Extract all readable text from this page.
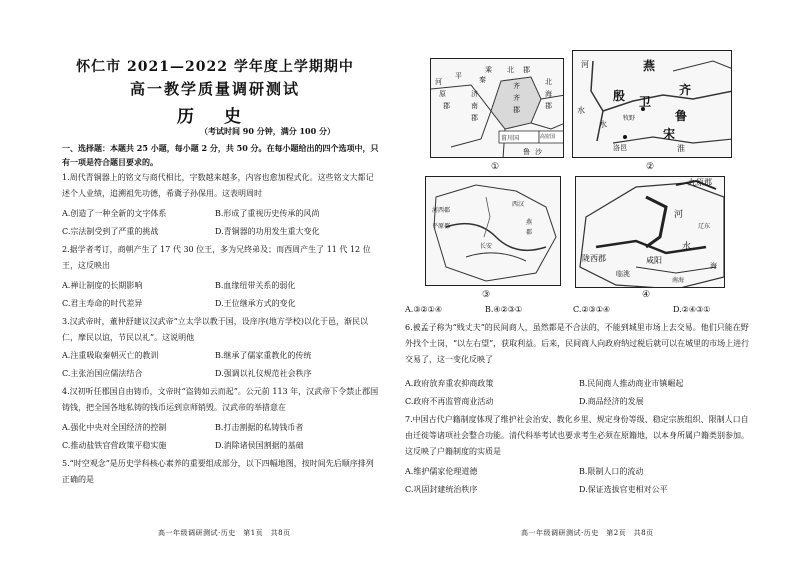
怀仁市 2021—2022 学年度上学期期中
高一教学质量调研测试
历 史
（考试时间 90 分钟，满分 100 分）
一、选择题：本题共 25 小题，每小题 2 分，共 50 分。在每小题给出的四个选项中，只有一项是符合题目要求的。
1.周代青铜器上的铭文与商代相比，字数越来越多，内容也愈加程式化。这些铭文大都记述个人业绩，追溯祖先功德，希冀子孙保用。这表明周时
A.创造了一种全新的文字体系	B.形成了重视历史传承的风尚
C.宗法制受到了严重的挑战	D.青铜器的功用发生重大变化
2.据学者考订，商朝产生了 17 代 30 位王，多为兄终弟及；而西周产生了 11 代 12 位王，这反映出
A.禅让制度的长期影响	B.血缘纽带关系的弱化
C.君主寿命的时代差异	D.王位继承方式的变化
3.汉武帝时，董仲舒建议汉武帝“立太学以教于国，设庠序(地方学校)以化于邑，渐民以仁，摩民以谊，节民以礼”。这说明他
A.注重吸取秦朝灭亡的教训	B.继承了儒家重教化的传统
C.主张治国应儒法结合	D.强调以礼仪规范社会秩序
4.汉初听任郡国自由铸币，文帝时“盗铸如云而起”。公元前 113 年，汉武帝下令禁止郡国铸钱，把全国各地私铸的钱币运到京师销毁。汉武帝的举措意在
A.强化中央对全国经济的控制	B.打击割据的私铸钱币者
C.推动盐铁官营政策平稳实施	D.消除诸侯国割据的基础
5.“时空观念”是历史学科核心素养的重要组成部分，以下四幅地图，按时间先后顺序排列正确的是
高一年级调研测试·历史　第1页　共8页
河
平
原
郡
秦
乘
济
南
郡
齐	北
海
郡
菑川国	高密国
北 郡
齐
郡
鲁 沙
①
河	燕
卫
齐
殷
鲁
宋
洛邑
水
淮
水
牧野
②
河西郡
平原郡
长安
西汉
燕
郡
③
九原郡
河
水
陇西郡	咸阳
临洮
辽东
南海
海
④
A.③②①④	B.④②③①	C.②③①④	D.②④③①
6.被孟子称为“贱丈夫”的民间商人，虽然都是不合法的，不能到城里市场上去交易。他们只能在野外找个土岗，“以左右望”，获取利益。后来，民间商人向政府纳过税后就可以在城里的市场上进行交易了，这一变化反映了
A.政府放弃重农抑商政策	B.民间商人推动商业市镇崛起
C.政府不再监管商业活动	D.商品经济的发展
7.中国古代户籍制度体现了维护社会治安、教化乡里、规定身份等级、稳定宗族组织、限制人口自由迁徙等诸项社会整合功能。清代科举考试也要求考生必须在原籍地，以本身所属户籍类别参加。这反映了户籍制度的实质是
A.维护儒家伦理道德	B.限制人口的流动
C.巩固封建统治秩序	D.保证选拔官吏相对公平
高一年级调研测试·历史　第2页　共8页
